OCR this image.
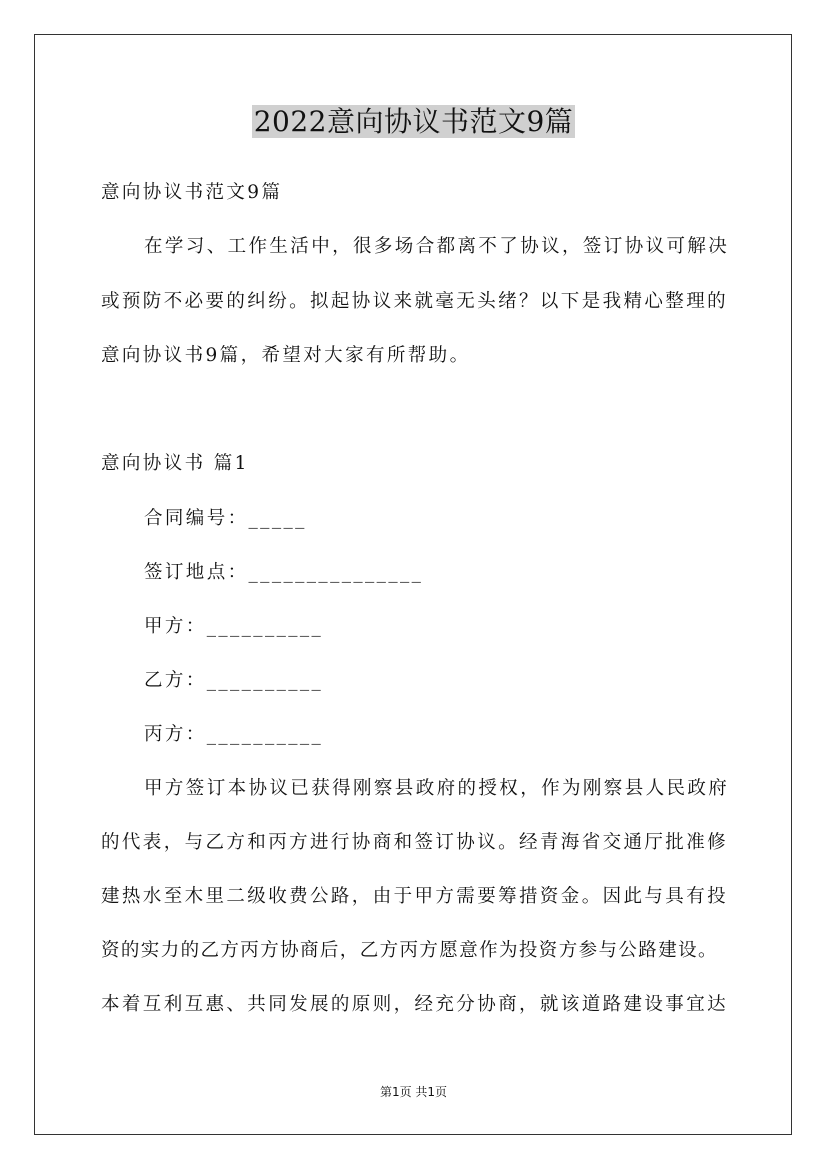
2022意向协议书范文9篇

意向协议书范文9篇

在学习、工作生活中，很多场合都离不了协议，签订协议可解决

或预防不必要的纠纷。拟起协议来就毫无头绪？以下是我精心整理的

意向协议书9篇，希望对大家有所帮助。

意向协议书 篇1

合同编号：_____

签订地点：_______________

甲方：__________

乙方：__________

丙方：__________

甲方签订本协议已获得刚察县政府的授权，作为刚察县人民政府

的代表，与乙方和丙方进行协商和签订协议。经青海省交通厅批准修

建热水至木里二级收费公路，由于甲方需要筹措资金。因此与具有投

资的实力的乙方丙方协商后，乙方丙方愿意作为投资方参与公路建设。

本着互利互惠、共同发展的原则，经充分协商，就该道路建设事宜达

第1页 共1页
